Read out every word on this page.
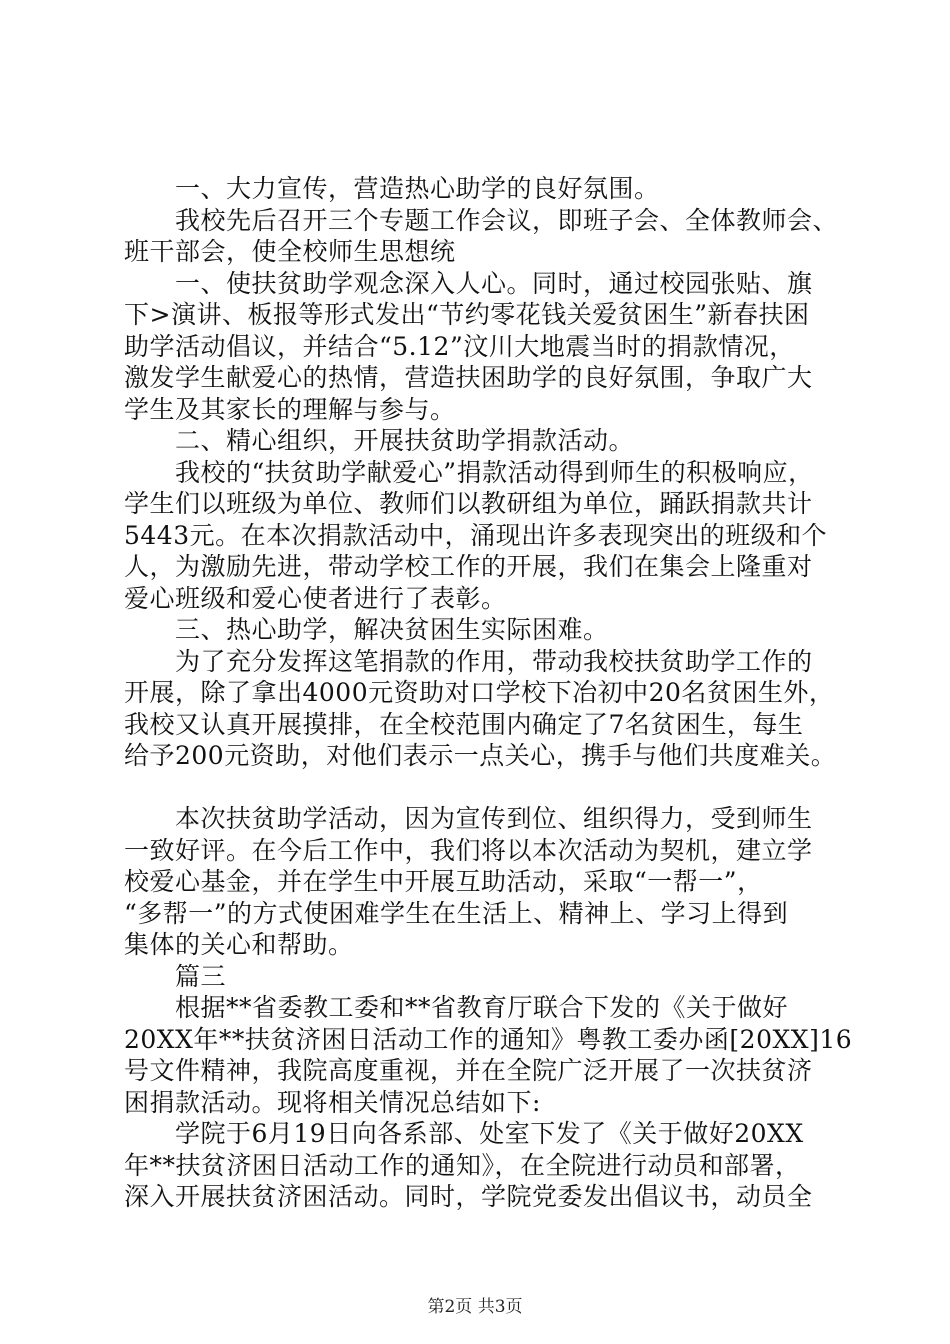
　　一、大力宣传，营造热心助学的良好氛围。
　　我校先后召开三个专题工作会议，即班子会、全体教师会、
班干部会，使全校师生思想统
　　一、使扶贫助学观念深入人心。同时，通过校园张贴、旗
下>演讲、板报等形式发出“节约零花钱关爱贫困生”新春扶困
助学活动倡议，并结合“5.12”汶川大地震当时的捐款情况，
激发学生献爱心的热情，营造扶困助学的良好氛围，争取广大
学生及其家长的理解与参与。
　　二、精心组织，开展扶贫助学捐款活动。
　　我校的“扶贫助学献爱心”捐款活动得到师生的积极响应，
学生们以班级为单位、教师们以教研组为单位，踊跃捐款共计
5443元。在本次捐款活动中，涌现出许多表现突出的班级和个
人，为激励先进，带动学校工作的开展，我们在集会上隆重对
爱心班级和爱心使者进行了表彰。
　　三、热心助学，解决贫困生实际困难。
　　为了充分发挥这笔捐款的作用，带动我校扶贫助学工作的
开展，除了拿出4000元资助对口学校下冶初中20名贫困生外，
我校又认真开展摸排，在全校范围内确定了7名贫困生，每生
给予200元资助，对他们表示一点关心，携手与他们共度难关。
　　本次扶贫助学活动，因为宣传到位、组织得力，受到师生
一致好评。在今后工作中，我们将以本次活动为契机，建立学
校爱心基金，并在学生中开展互助活动，采取“一帮一”，
“多帮一”的方式使困难学生在生活上、精神上、学习上得到
集体的关心和帮助。
　　篇三
　　根据**省委教工委和**省教育厅联合下发的《关于做好
20XX年**扶贫济困日活动工作的通知》粤教工委办函[20XX]16
号文件精神，我院高度重视，并在全院广泛开展了一次扶贫济
困捐款活动。现将相关情况总结如下:
　　学院于6月19日向各系部、处室下发了《关于做好20XX
年**扶贫济困日活动工作的通知》，在全院进行动员和部署，
深入开展扶贫济困活动。同时，学院党委发出倡议书，动员全
第2页 共3页
